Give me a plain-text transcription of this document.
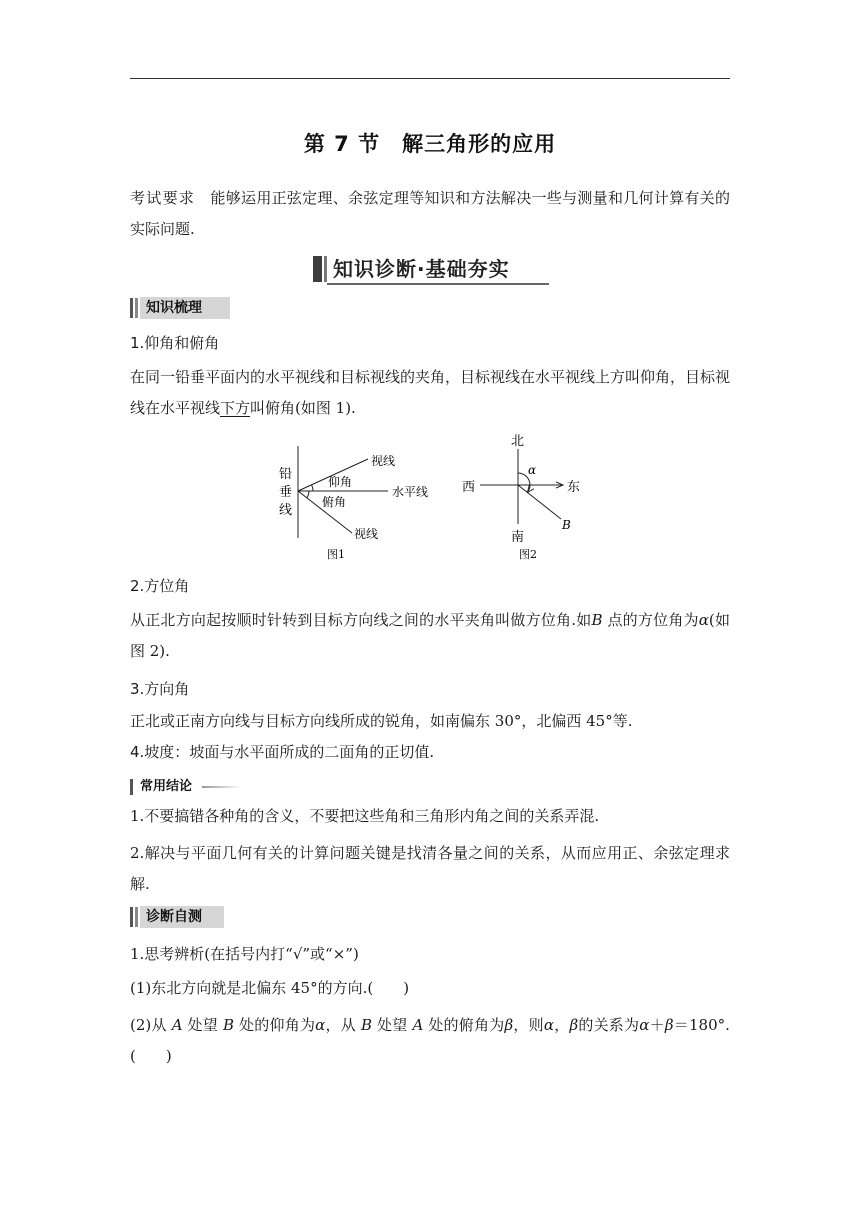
第 7 节 解三角形的应用
考试要求　 能够运用正弦定理、余弦定理等知识和方法解决一些与测量和几何计算有关的实际问题.
知识诊断·基础夯实
知识梳理
1.仰角和俯角
在同一铅垂平面内的水平视线和目标视线的夹角，目标视线在水平视线上方叫仰角，目标视线在水平视线下方叫俯角(如图 1).
铅
垂
线
视线
仰角
水平线
俯角
视线
图1
北
西	东
南
α
B
图2
2.方位角
从正北方向起按顺时针转到目标方向线之间的水平夹角叫做方位角.如B 点的方位角为α(如图 2).
3.方向角
正北或正南方向线与目标方向线所成的锐角，如南偏东 30°，北偏西 45°等.
4.坡度：坡面与水平面所成的二面角的正切值.
常用结论
1.不要搞错各种角的含义，不要把这些角和三角形内角之间的关系弄混.
2.解决与平面几何有关的计算问题关键是找清各量之间的关系，从而应用正、余弦定理求解.
诊断自测
1.思考辨析(在括号内打“√”或“×”)
(1)东北方向就是北偏东 45°的方向.(　　)
(2)从 A 处望 B 处的仰角为α，从 B 处望 A 处的俯角为β，则α，β的关系为α＋β＝180°.(　　)
